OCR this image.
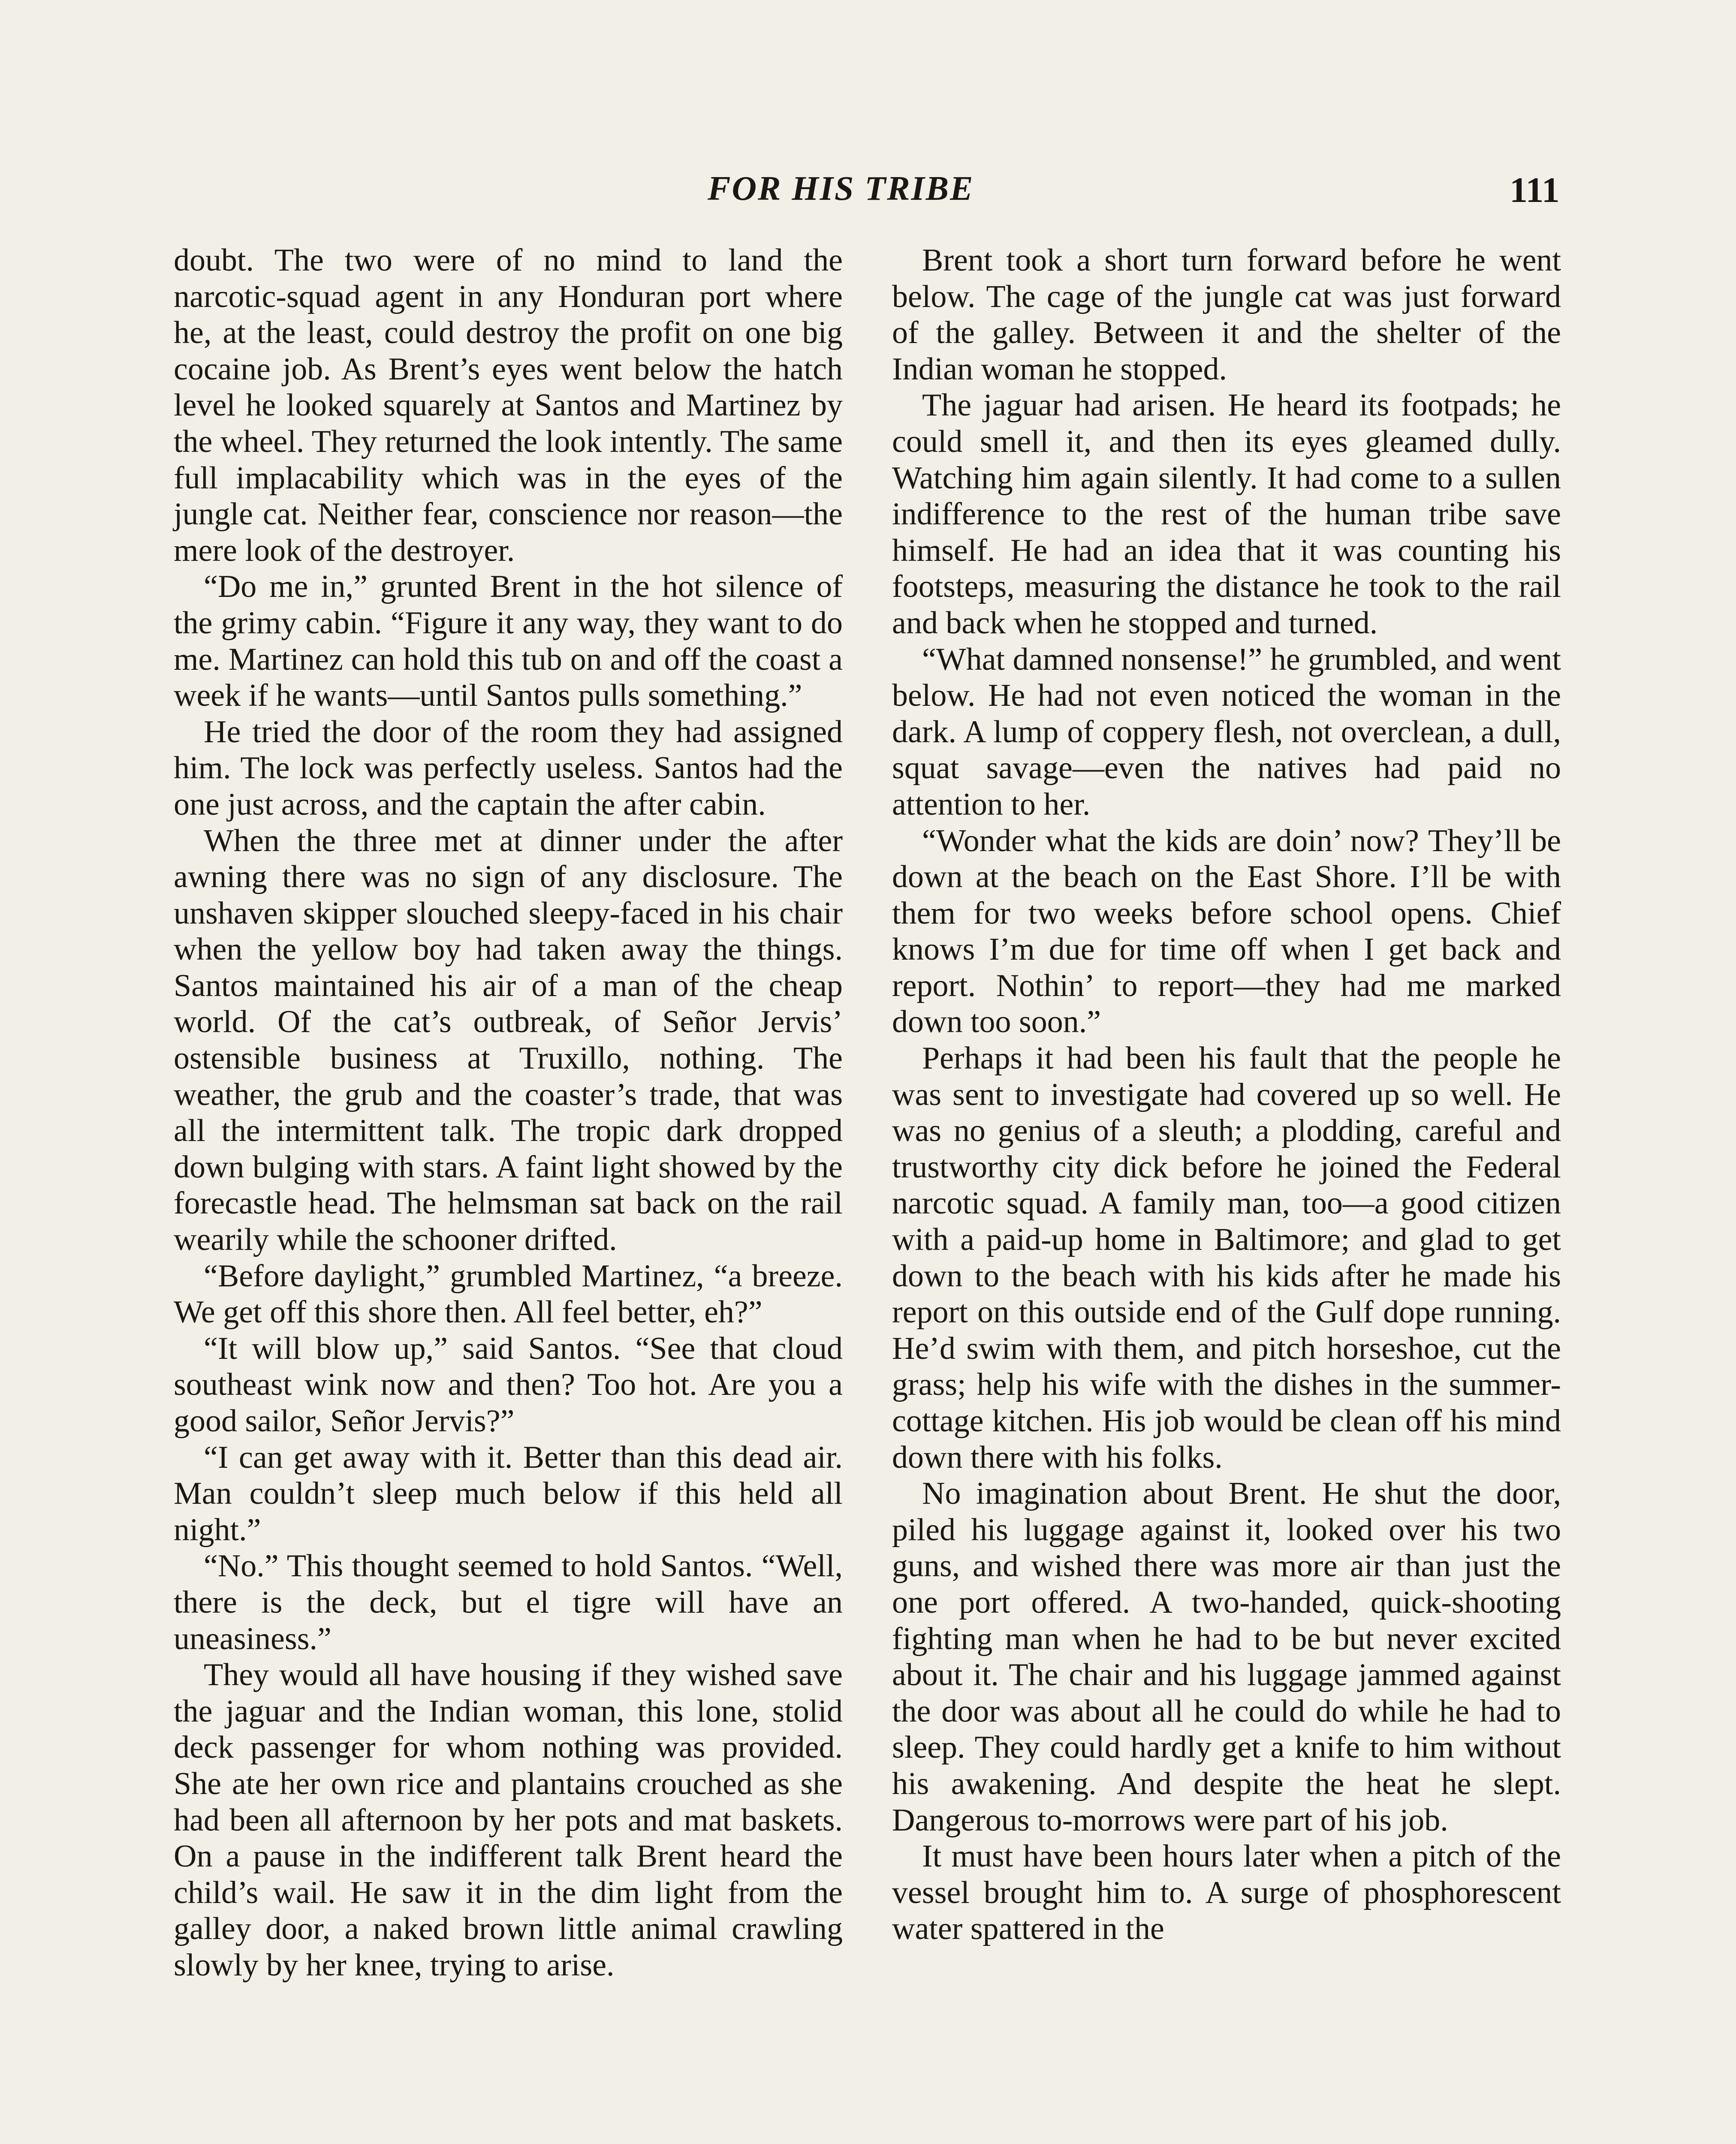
FOR HIS TRIBE	111

doubt. The two were of no mind to land the narcotic-squad agent in any Honduran port where he, at the least, could destroy the profit on one big cocaine job. As Brent’s eyes went below the hatch level he looked squarely at Santos and Martinez by the wheel. They returned the look intently. The same full implacability which was in the eyes of the jungle cat. Neither fear, conscience nor reason—the mere look of the destroyer.

“Do me in,” grunted Brent in the hot silence of the grimy cabin. “Figure it any way, they want to do me. Martinez can hold this tub on and off the coast a week if he wants—until Santos pulls something.”

He tried the door of the room they had assigned him. The lock was perfectly useless. Santos had the one just across, and the captain the after cabin.

When the three met at dinner under the after awning there was no sign of any disclosure. The unshaven skipper slouched sleepy-faced in his chair when the yellow boy had taken away the things. Santos maintained his air of a man of the cheap world. Of the cat’s outbreak, of Señor Jervis’ ostensible business at Truxillo, nothing. The weather, the grub and the coaster’s trade, that was all the intermittent talk. The tropic dark dropped down bulging with stars. A faint light showed by the forecastle head. The helmsman sat back on the rail wearily while the schooner drifted.

“Before daylight,” grumbled Martinez, “a breeze. We get off this shore then. All feel better, eh?”

“It will blow up,” said Santos. “See that cloud southeast wink now and then? Too hot. Are you a good sailor, Señor Jervis?”

“I can get away with it. Better than this dead air. Man couldn’t sleep much below if this held all night.”

“No.” This thought seemed to hold Santos. “Well, there is the deck, but el tigre will have an uneasiness.”

They would all have housing if they wished save the jaguar and the Indian woman, this lone, stolid deck passenger for whom nothing was provided. She ate her own rice and plantains crouched as she had been all afternoon by her pots and mat baskets. On a pause in the indifferent talk Brent heard the child’s wail. He saw it in the dim light from the galley door, a naked brown little animal crawling slowly by her knee, trying to arise.

Brent took a short turn forward before he went below. The cage of the jungle cat was just forward of the galley. Between it and the shelter of the Indian woman he stopped.

The jaguar had arisen. He heard its footpads; he could smell it, and then its eyes gleamed dully. Watching him again silently. It had come to a sullen indifference to the rest of the human tribe save himself. He had an idea that it was counting his footsteps, measuring the distance he took to the rail and back when he stopped and turned.

“What damned nonsense!” he grumbled, and went below. He had not even noticed the woman in the dark. A lump of coppery flesh, not overclean, a dull, squat savage—even the natives had paid no attention to her.

“Wonder what the kids are doin’ now? They’ll be down at the beach on the East Shore. I’ll be with them for two weeks before school opens. Chief knows I’m due for time off when I get back and report. Nothin’ to report—they had me marked down too soon.”

Perhaps it had been his fault that the people he was sent to investigate had covered up so well. He was no genius of a sleuth; a plodding, careful and trustworthy city dick before he joined the Federal narcotic squad. A family man, too—a good citizen with a paid-up home in Baltimore; and glad to get down to the beach with his kids after he made his report on this outside end of the Gulf dope running. He’d swim with them, and pitch horseshoe, cut the grass; help his wife with the dishes in the summer-cottage kitchen. His job would be clean off his mind down there with his folks.

No imagination about Brent. He shut the door, piled his luggage against it, looked over his two guns, and wished there was more air than just the one port offered. A two-handed, quick-shooting fighting man when he had to be but never excited about it. The chair and his luggage jammed against the door was about all he could do while he had to sleep. They could hardly get a knife to him without his awakening. And despite the heat he slept. Dangerous to-morrows were part of his job.

It must have been hours later when a pitch of the vessel brought him to. A surge of phosphorescent water spattered in the
